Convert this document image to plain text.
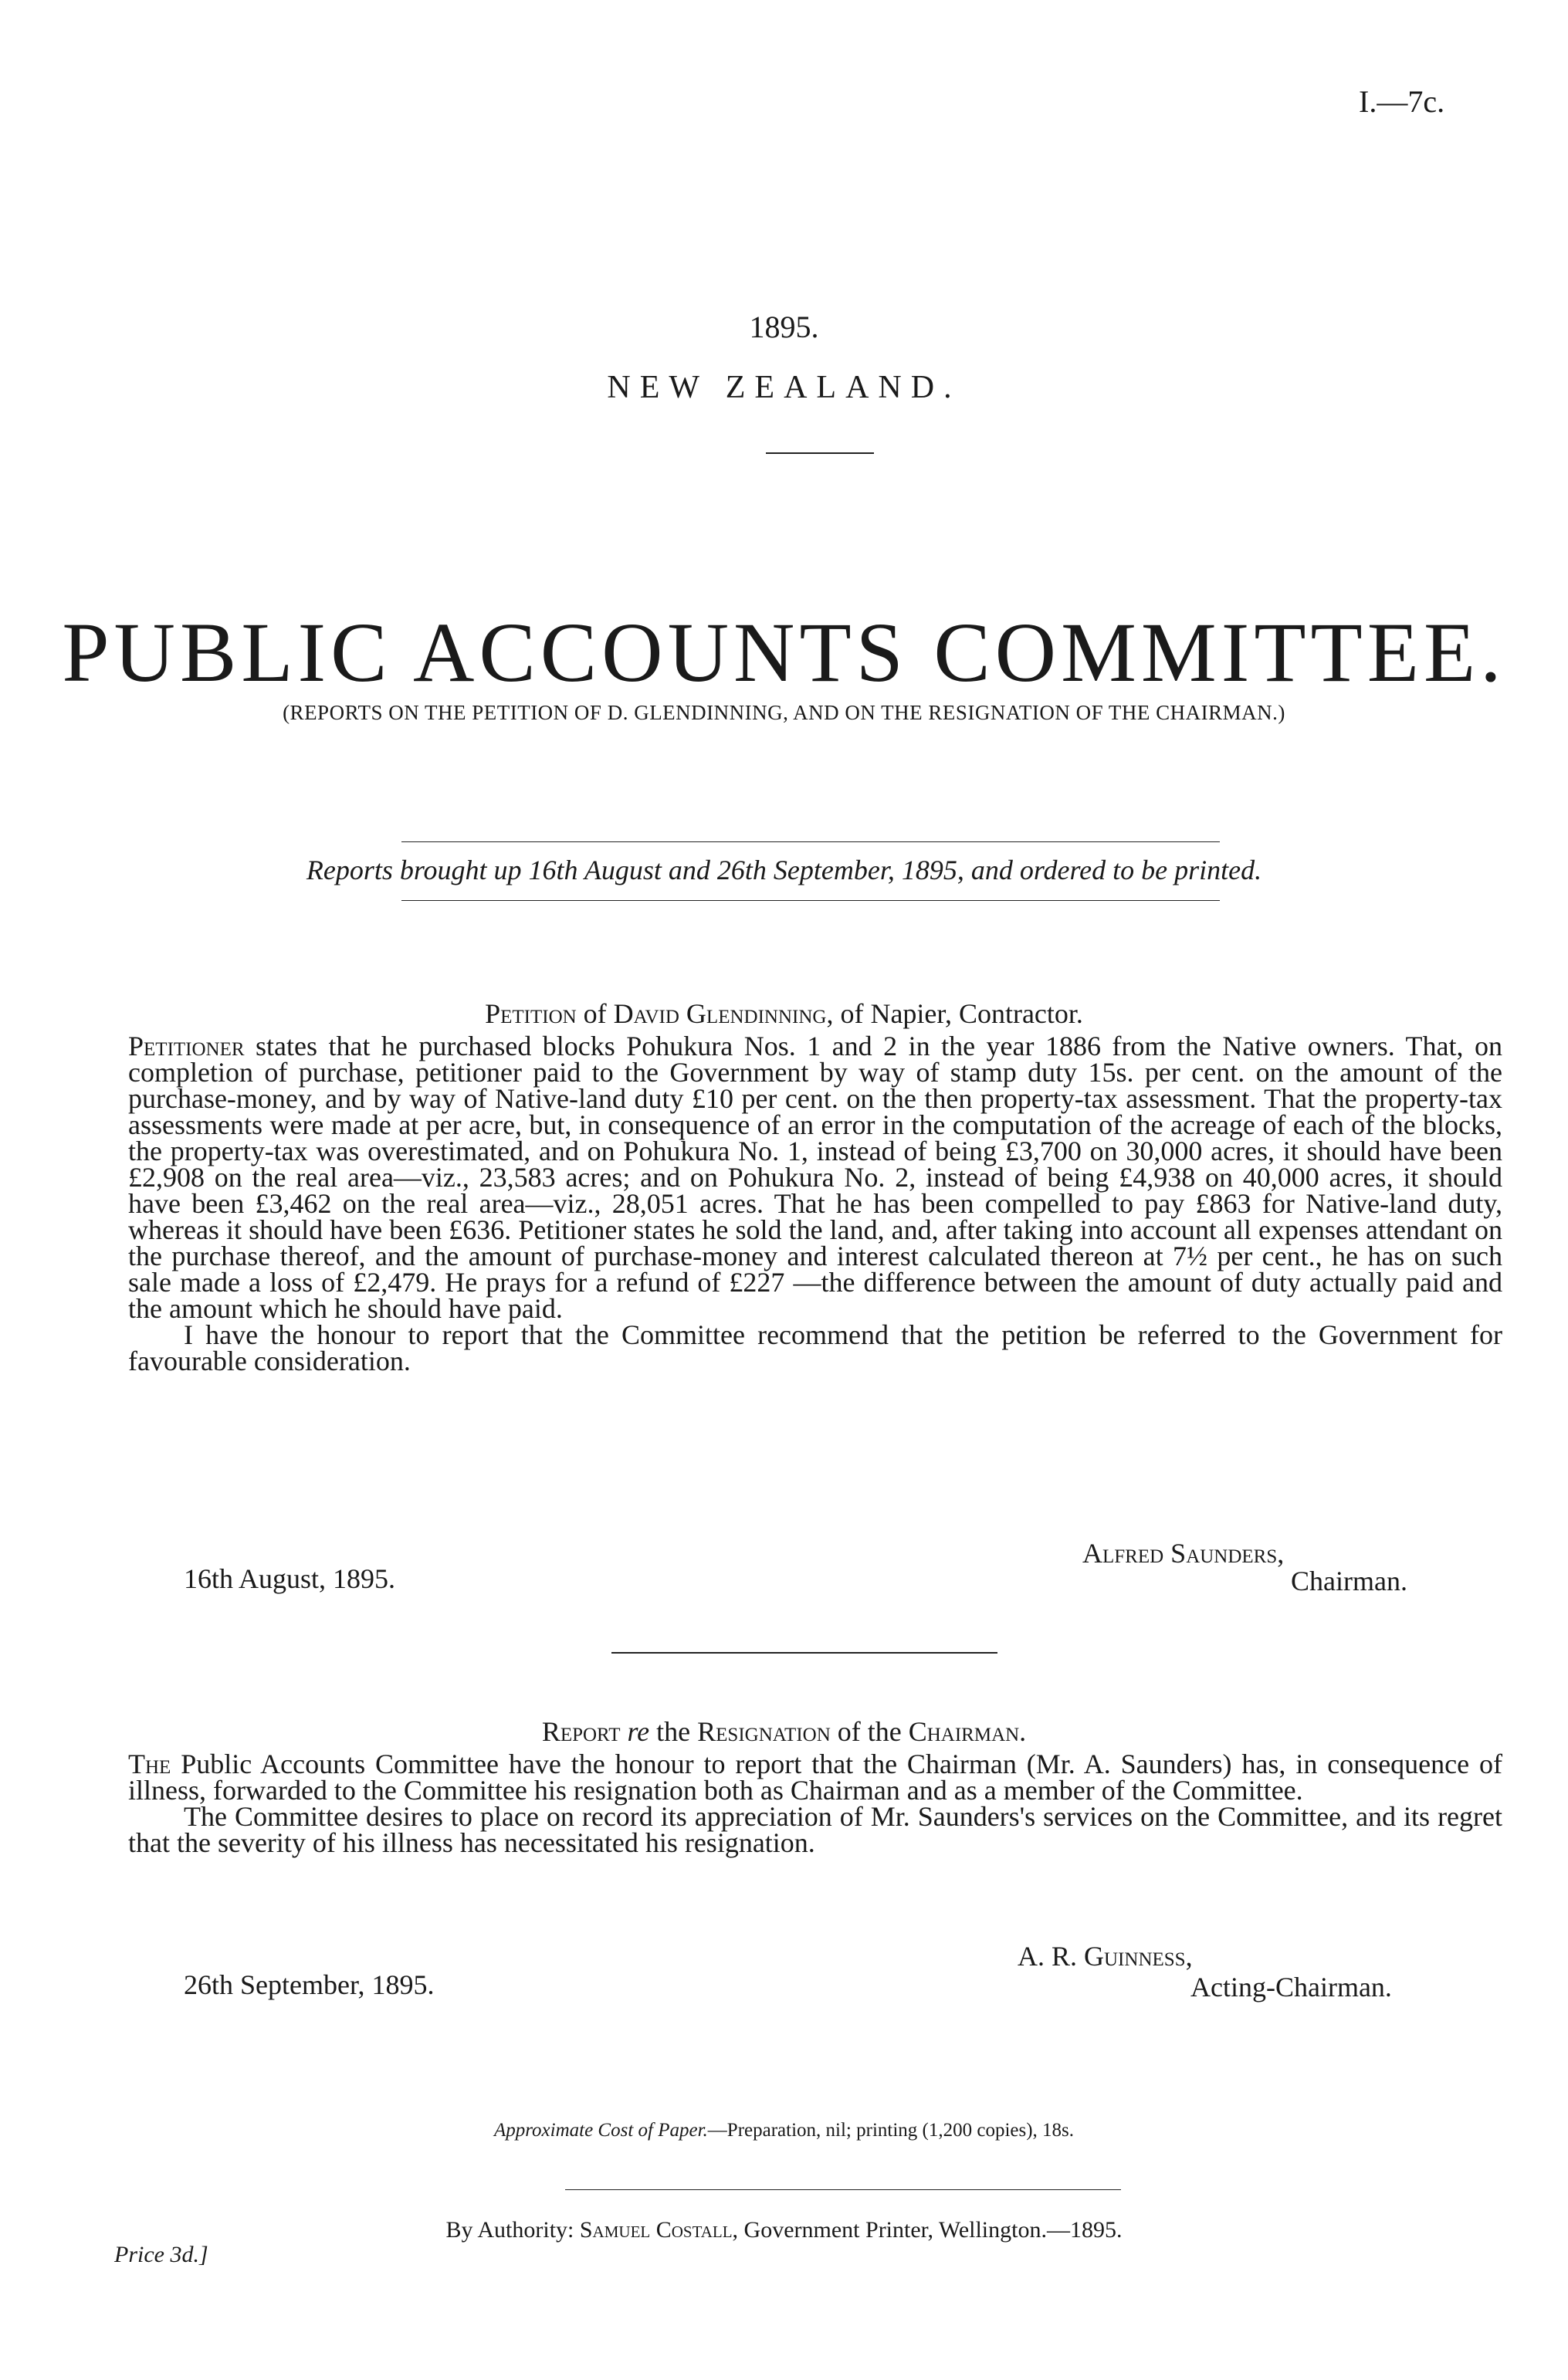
I.—7c.
1895.
NEW ZEALAND.
PUBLIC ACCOUNTS COMMITTEE.
(REPORTS ON THE PETITION OF D. GLENDINNING, AND ON THE RESIGNATION OF THE CHAIRMAN.)
Reports brought up 16th August and 26th September, 1895, and ordered to be printed.
Petition of David Glendinning, of Napier, Contractor.

Petitioner states that he purchased blocks Pohukura Nos. 1 and 2 in the year 1886 from the Native owners. That, on completion of purchase, petitioner paid to the Government by way of stamp duty 15s. per cent. on the amount of the purchase-money, and by way of Native-land duty £10 per cent. on the then property-tax assessment. That the property-tax assessments were made at per acre, but, in consequence of an error in the computation of the acreage of each of the blocks, the property-tax was overestimated, and on Pohukura No. 1, instead of being £3,700 on 30,000 acres, it should have been £2,908 on the real area—viz., 23,583 acres; and on Pohukura No. 2, instead of being £4,938 on 40,000 acres, it should have been £3,462 on the real area—viz., 28,051 acres. That he has been compelled to pay £863 for Native-land duty, whereas it should have been £636. Petitioner states he sold the land, and, after taking into account all expenses attendant on the purchase thereof, and the amount of purchase-money and interest calculated thereon at 7½ per cent., he has on such sale made a loss of £2,479. He prays for a refund of £227 —the difference between the amount of duty actually paid and the amount which he should have paid.

I have the honour to report that the Committee recommend that the petition be referred to the Government for favourable consideration.

Alfred Saunders,
16th August, 1895.	Chairman.
Report re the Resignation of the Chairman.

The Public Accounts Committee have the honour to report that the Chairman (Mr. A. Saunders) has, in consequence of illness, forwarded to the Committee his resignation both as Chairman and as a member of the Committee.

The Committee desires to place on record its appreciation of Mr. Saunders's services on the Committee, and its regret that the severity of his illness has necessitated his resignation.

A. R. Guinness,
26th September, 1895.	Acting-Chairman.
Approximate Cost of Paper.—Preparation, nil; printing (1,200 copies), 18s.
By Authority: Samuel Costall, Government Printer, Wellington.—1895.
Price 3d.]
